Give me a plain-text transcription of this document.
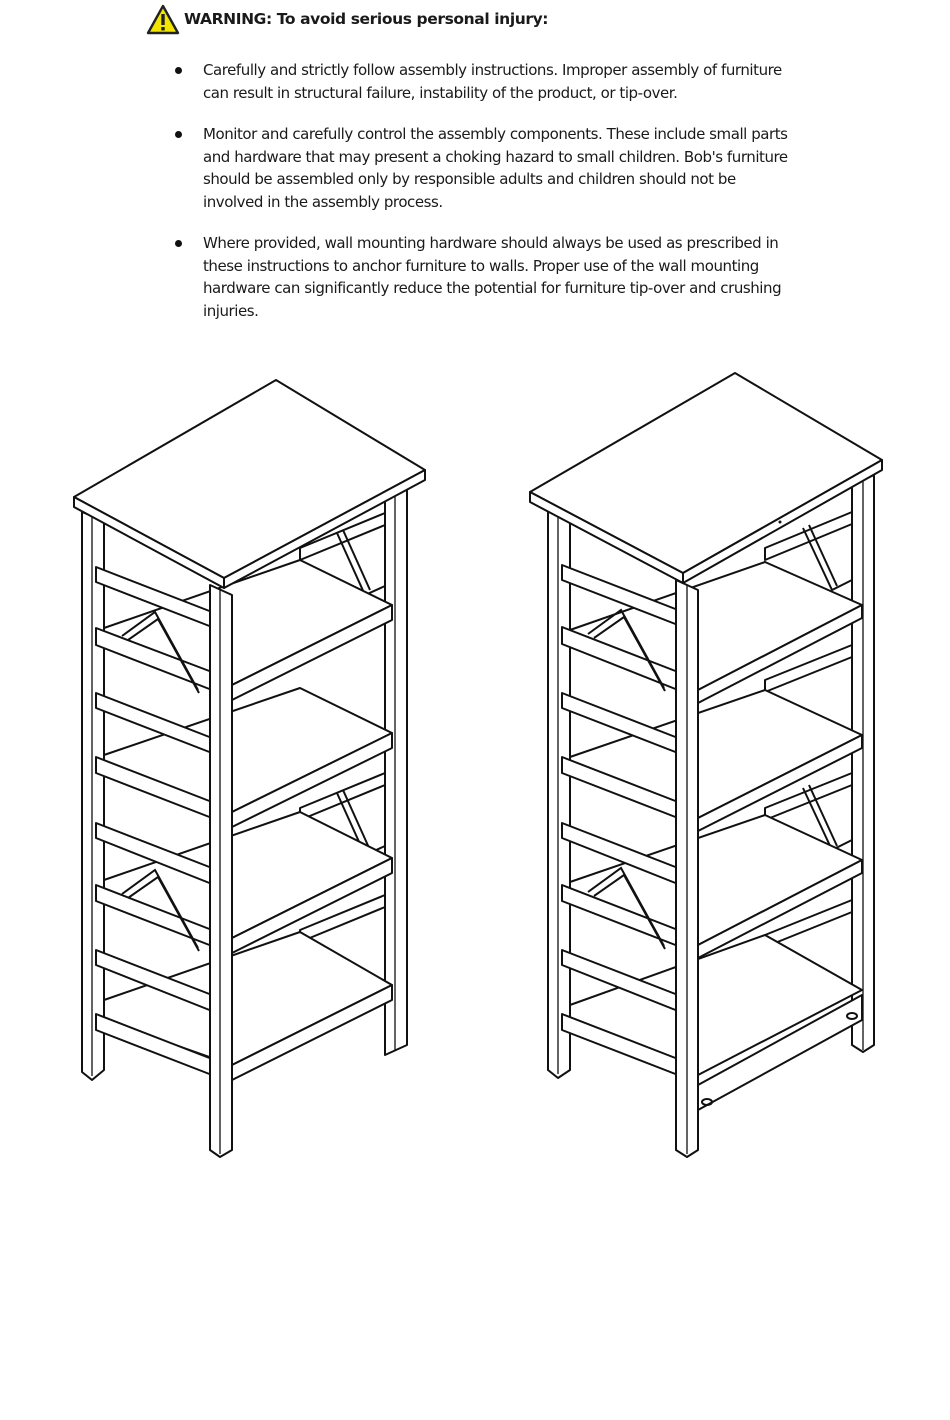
WARNING: To avoid serious personal injury:
Carefully and strictly follow assembly instructions. Improper assembly of furniture can result in structural failure, instability of the product, or tip-over.
Monitor and carefully control the assembly components. These include small parts and hardware that may present a choking hazard to small children. Bob's furniture should be assembled only by responsible adults and children should not be involved in the assembly process.
Where provided, wall mounting hardware should always be used as prescribed in these instructions to anchor furniture to walls. Proper use of the wall mounting hardware can significantly reduce the potential for furniture tip-over and crushing injuries.
